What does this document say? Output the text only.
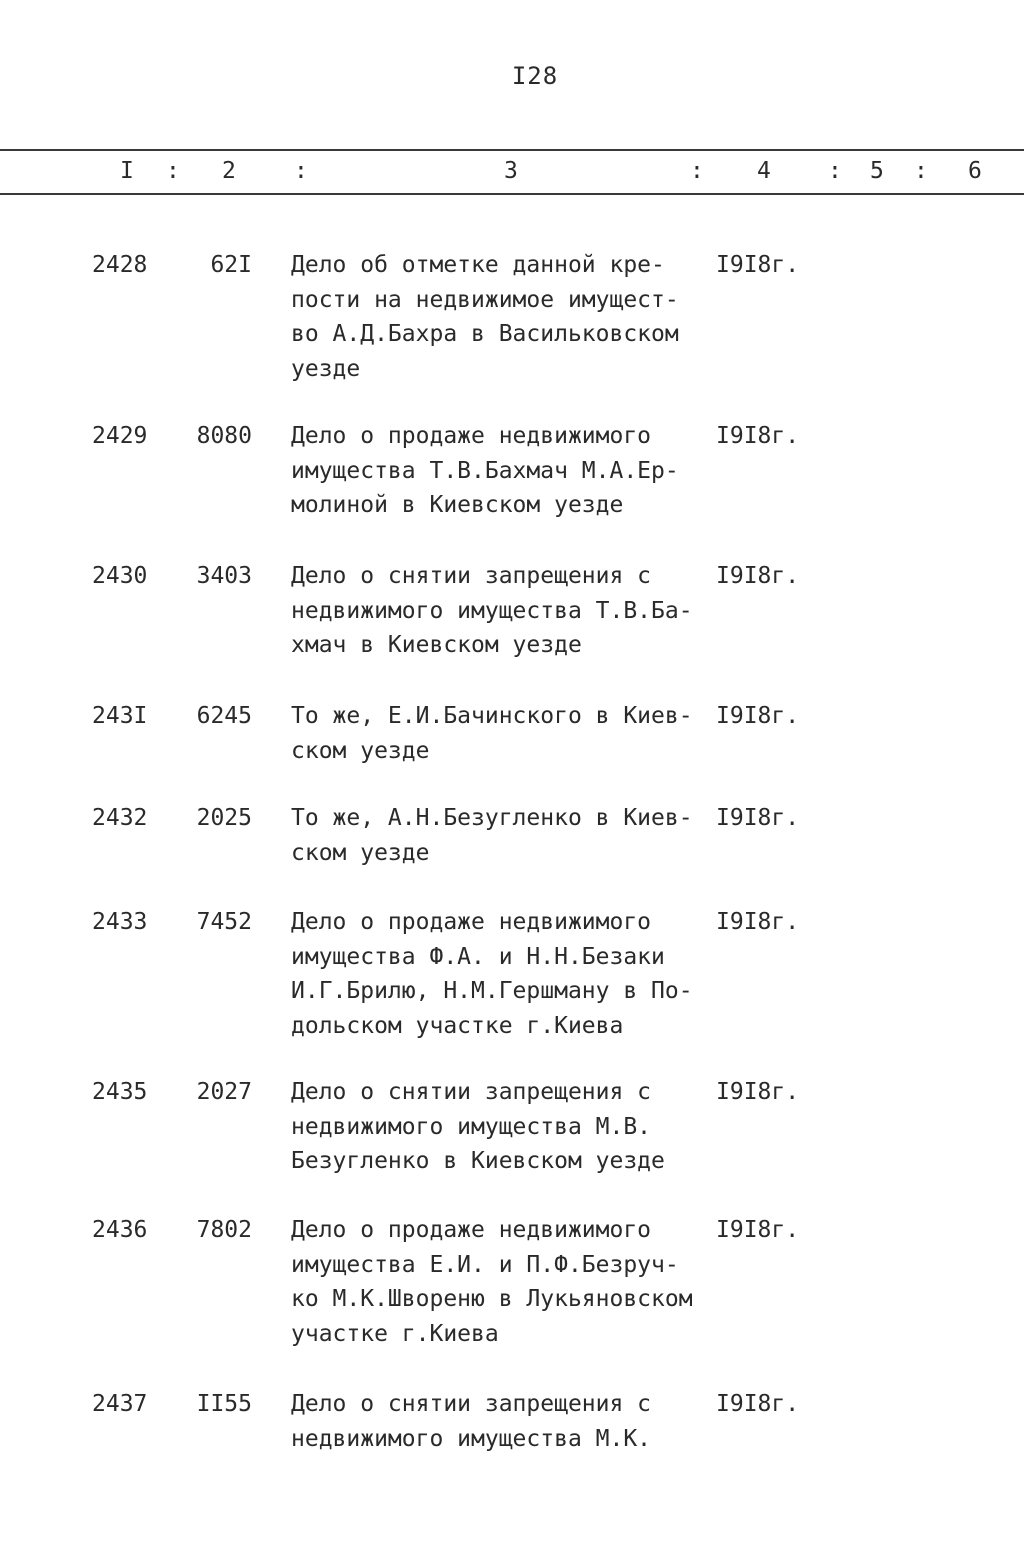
I28
I : 2	:	3	: 4 : 5 : 6
2428	62I Дело об отметке данной кре-
пости на недвижимое имущест-
во А.Д.Бахра в Васильковском
уезде
I9I8г.
2429	8080 Дело о продаже недвижимого
имущества Т.В.Бахмач М.А.Ер-
молиной в Киевском уезде
I9I8г.
2430	3403 Дело о снятии запрещения с
недвижимого имущества Т.В.Ба-
хмач в Киевском уезде
I9I8г.
243I	6245 То же, Е.И.Бачинского в Киев-
ском уезде
I9I8г.
2432	2025 То же, А.Н.Безугленко в Киев-
ском уезде
I9I8г.
2433	7452 Дело о продаже недвижимого
имущества Ф.А. и Н.Н.Безаки
И.Г.Брилю, Н.М.Гершману в По-
дольском участке г.Киева
I9I8г.
2435	2027 Дело о снятии запрещения с
недвижимого имущества М.В.
Безугленко в Киевском уезде
I9I8г.
2436	7802 Дело о продаже недвижимого
имущества Е.И. и П.Ф.Безруч-
ко М.К.Швореню в Лукьяновском
участке г.Киева
I9I8г.
2437	II55 Дело о снятии запрещения с
недвижимого имущества М.К.
I9I8г.
